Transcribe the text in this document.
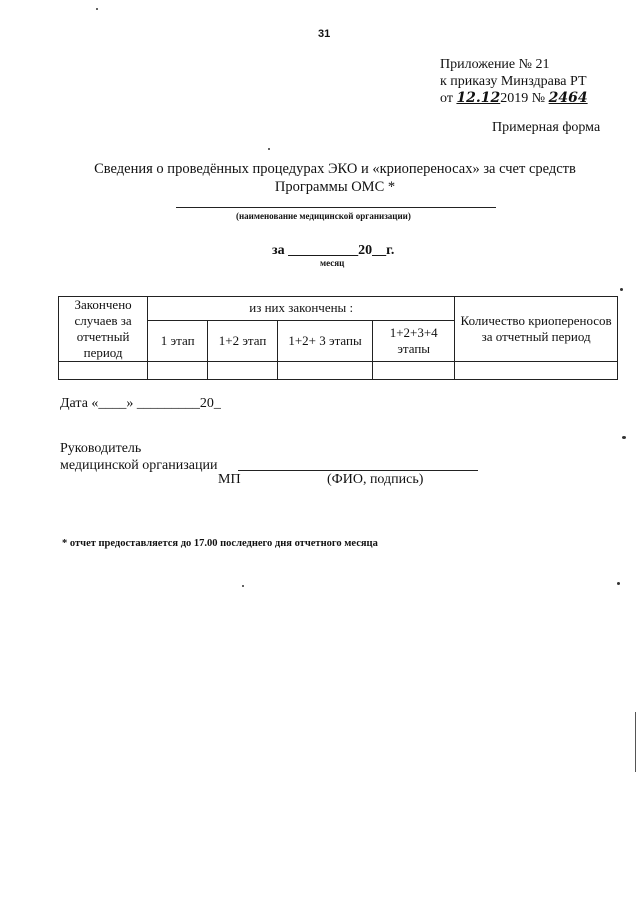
31
Приложение № 21
к приказу Минздрава РТ
от 12.122019 № 2464
Примерная форма
Сведения о проведённых процедурах ЭКО и «криопереносах» за счет средств
Программы ОМС *
(наименование медицинской организации)
за __________20__г.
месяц
Закончено случаев за отчетный период	из них закончены :				Количество криопереносов за отчетный период
	1 этап	1+2 этап	1+2+ 3 этапы	1+2+3+4 этапы	

Дата «____» _________20_
Руководитель
медицинской организации
МП	(ФИО, подпись)
* отчет предоставляется до 17.00 последнего дня отчетного месяца
